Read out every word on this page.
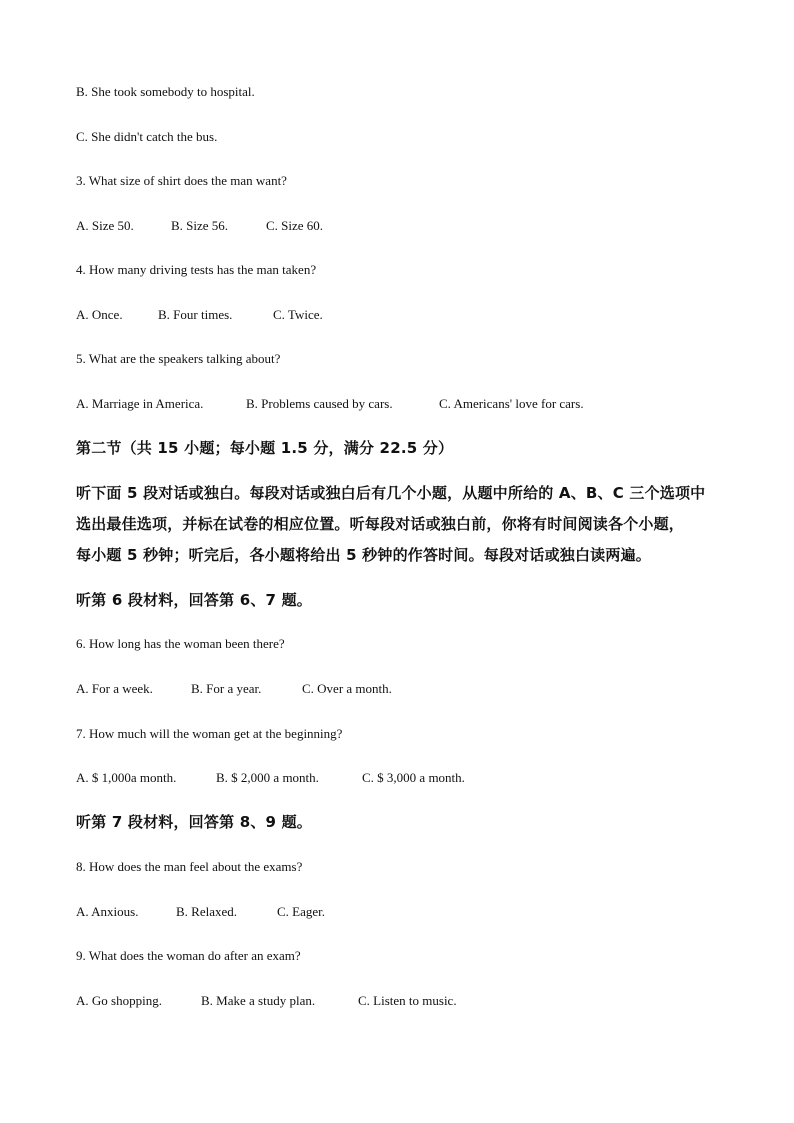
B. She took somebody to hospital.
C. She didn't catch the bus.
3. What size of shirt does the man want?
A. Size 50.	B. Size 56.	C. Size 60.
4. How many driving tests has the man taken?
A. Once.	B. Four times.	C. Twice.
5. What are the speakers talking about?
A. Marriage in America.	B. Problems caused by cars.	C. Americans' love for cars.
第二节（共 15 小题；每小题 1.5 分，满分 22.5 分）
听下面 5 段对话或独白。每段对话或独白后有几个小题，从题中所给的 A、B、C 三个选项中
选出最佳选项，并标在试卷的相应位置。听每段对话或独白前，你将有时间阅读各个小题，
每小题 5 秒钟；听完后，各小题将给出 5 秒钟的作答时间。每段对话或独白读两遍。
听第 6 段材料，回答第 6、7 题。
6. How long has the woman been there?
A. For a week.	B. For a year.	C. Over a month.
7. How much will the woman get at the beginning?
A. $ 1,000a month.	B. $ 2,000 a month.	C. $ 3,000 a month.
听第 7 段材料，回答第 8、9 题。
8. How does the man feel about the exams?
A. Anxious.	B. Relaxed.	C. Eager.
9. What does the woman do after an exam?
A. Go shopping.	B. Make a study plan.	C. Listen to music.
